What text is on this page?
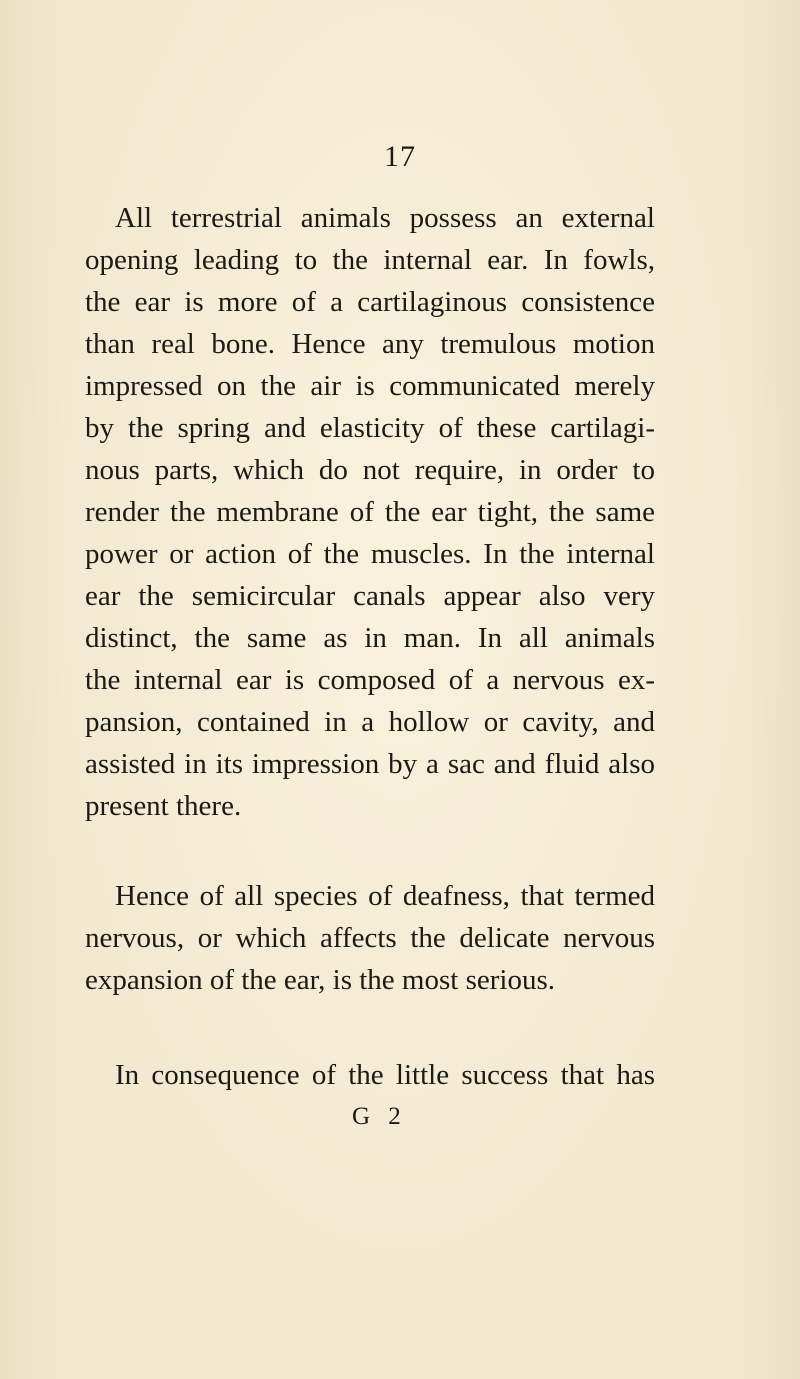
17
All terrestrial animals possess an external
opening leading to the internal ear. In fowls,
the ear is more of a cartilaginous consistence
than real bone. Hence any tremulous motion
impressed on the air is communicated merely
by the spring and elasticity of these cartilagi-
nous parts, which do not require, in order to
render the membrane of the ear tight, the same
power or action of the muscles. In the internal
ear the semicircular canals appear also very
distinct, the same as in man. In all animals
the internal ear is composed of a nervous ex-
pansion, contained in a hollow or cavity, and
assisted in its impression by a sac and fluid also
present there.
Hence of all species of deafness, that termed
nervous, or which affects the delicate nervous
expansion of the ear, is the most serious.
In consequence of the little success that has
G 2
